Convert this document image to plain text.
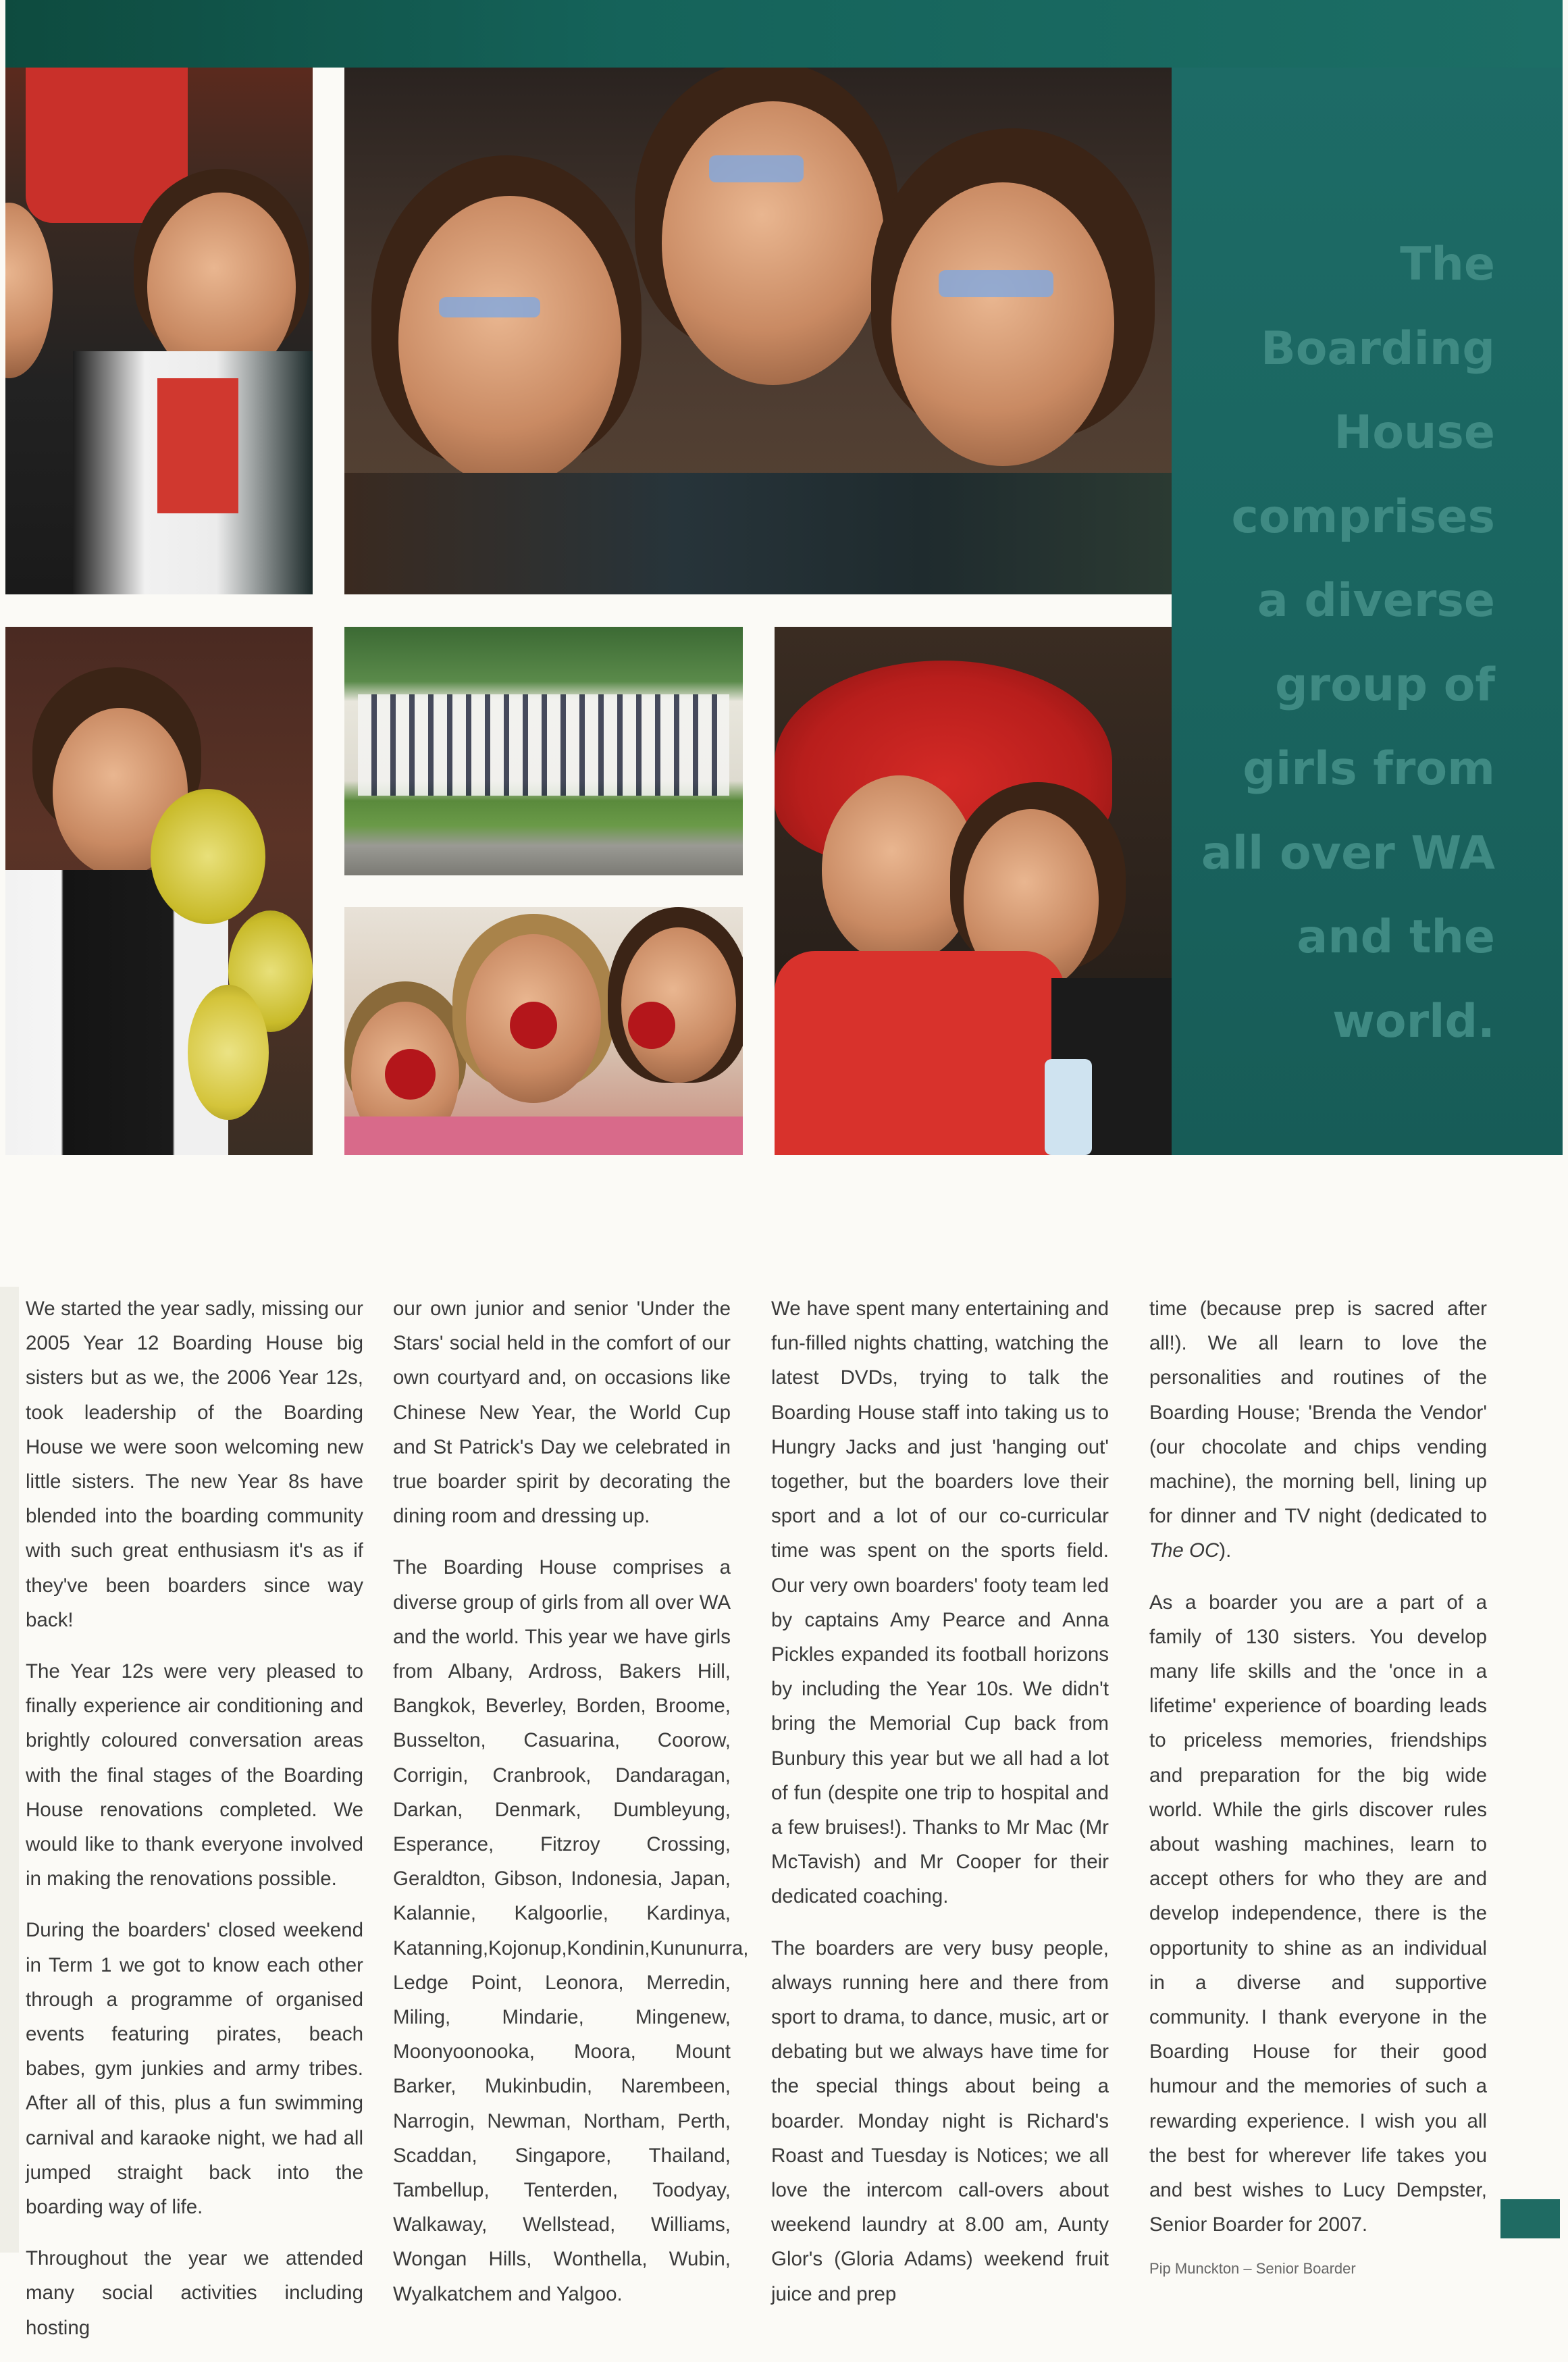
The
Boarding
House
comprises
a diverse
group of
girls from
all over WA
and the
world.

We started the year sadly, missing our 2005 Year 12 Boarding House big sisters but as we, the 2006 Year 12s, took leadership of the Boarding House we were soon welcoming new little sisters. The new Year 8s have blended into the boarding community with such great enthusiasm it's as if they've been boarders since way back!

The Year 12s were very pleased to finally experience air conditioning and brightly coloured conversation areas with the final stages of the Boarding House renovations completed. We would like to thank everyone involved in making the renovations possible.

During the boarders' closed weekend in Term 1 we got to know each other through a programme of organised events featuring pirates, beach babes, gym junkies and army tribes. After all of this, plus a fun swimming carnival and karaoke night, we had all jumped straight back into the boarding way of life.

Throughout the year we attended many social activities including hosting

our own junior and senior 'Under the Stars' social held in the comfort of our own courtyard and, on occasions like Chinese New Year, the World Cup and St Patrick's Day we celebrated in true boarder spirit by decorating the dining room and dressing up.

The Boarding House comprises a diverse group of girls from all over WA and the world. This year we have girls from Albany, Ardross, Bakers Hill, Bangkok, Beverley, Borden, Broome, Busselton, Casuarina, Coorow, Corrigin, Cranbrook, Dandaragan, Darkan, Denmark, Dumbleyung, Esperance, Fitzroy Crossing, Geraldton, Gibson, Indonesia, Japan, Kalannie, Kalgoorlie, Kardinya, Katanning,Kojonup,Kondinin,Kununurra, Ledge Point, Leonora, Merredin, Miling, Mindarie, Mingenew, Moonyoonooka, Moora, Mount Barker, Mukinbudin, Narembeen, Narrogin, Newman, Northam, Perth, Scaddan, Singapore, Thailand, Tambellup, Tenterden, Toodyay, Walkaway, Wellstead, Williams, Wongan Hills, Wonthella, Wubin, Wyalkatchem and Yalgoo.

We have spent many entertaining and fun-filled nights chatting, watching the latest DVDs, trying to talk the Boarding House staff into taking us to Hungry Jacks and just 'hanging out' together, but the boarders love their sport and a lot of our co-curricular time was spent on the sports field. Our very own boarders' footy team led by captains Amy Pearce and Anna Pickles expanded its football horizons by including the Year 10s. We didn't bring the Memorial Cup back from Bunbury this year but we all had a lot of fun (despite one trip to hospital and a few bruises!). Thanks to Mr Mac (Mr McTavish) and Mr Cooper for their dedicated coaching.

The boarders are very busy people, always running here and there from sport to drama, to dance, music, art or debating but we always have time for the special things about being a boarder. Monday night is Richard's Roast and Tuesday is Notices; we all love the intercom call-overs about weekend laundry at 8.00 am, Aunty Glor's (Gloria Adams) weekend fruit juice and prep

time (because prep is sacred after all!). We all learn to love the personalities and routines of the Boarding House; 'Brenda the Vendor' (our chocolate and chips vending machine), the morning bell, lining up for dinner and TV night (dedicated to The OC).

As a boarder you are a part of a family of 130 sisters. You develop many life skills and the 'once in a lifetime' experience of boarding leads to priceless memories, friendships and preparation for the big wide world. While the girls discover rules about washing machines, learn to accept others for who they are and develop independence, there is the opportunity to shine as an individual in a diverse and supportive community. I thank everyone in the Boarding House for their good humour and the memories of such a rewarding experience. I wish you all the best for wherever life takes you and best wishes to Lucy Dempster, Senior Boarder for 2007.

Pip Munckton – Senior Boarder
